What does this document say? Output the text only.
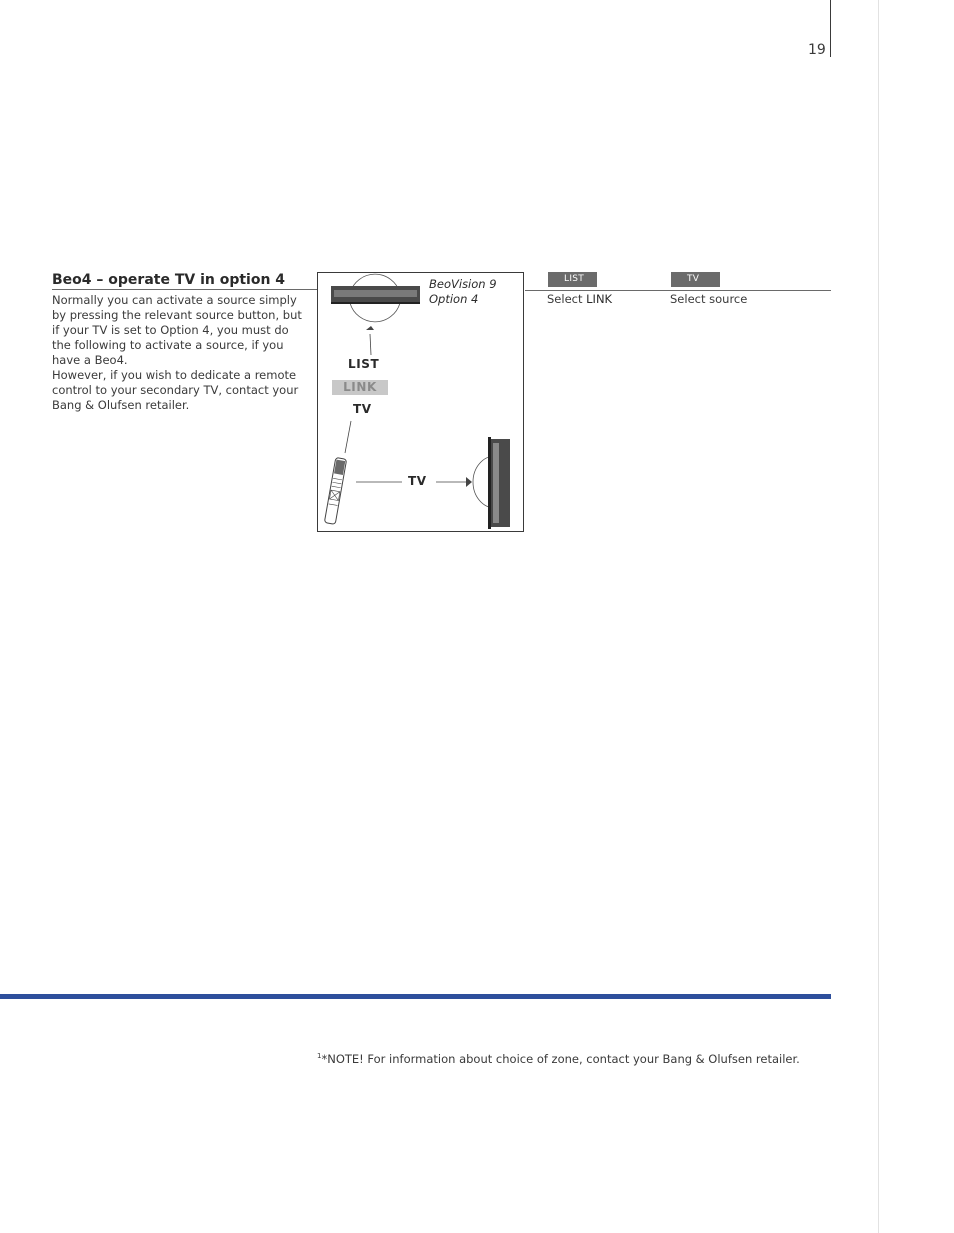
19
Beo4 – operate TV in option 4

Normally you can activate a source simply by pressing the relevant source button, but if your TV is set to Option 4, you must do the following to activate a source, if you have a Beo4.

However, if you wish to dedicate a remote control to your secondary TV, contact your Bang & Olufsen retailer.

BeoVision 9
Option 4
LIST
LINK
TV
TV
LIST
Select LINK
TV
Select source
$^1$*NOTE! For information about choice of zone, contact your Bang & Olufsen retailer.
